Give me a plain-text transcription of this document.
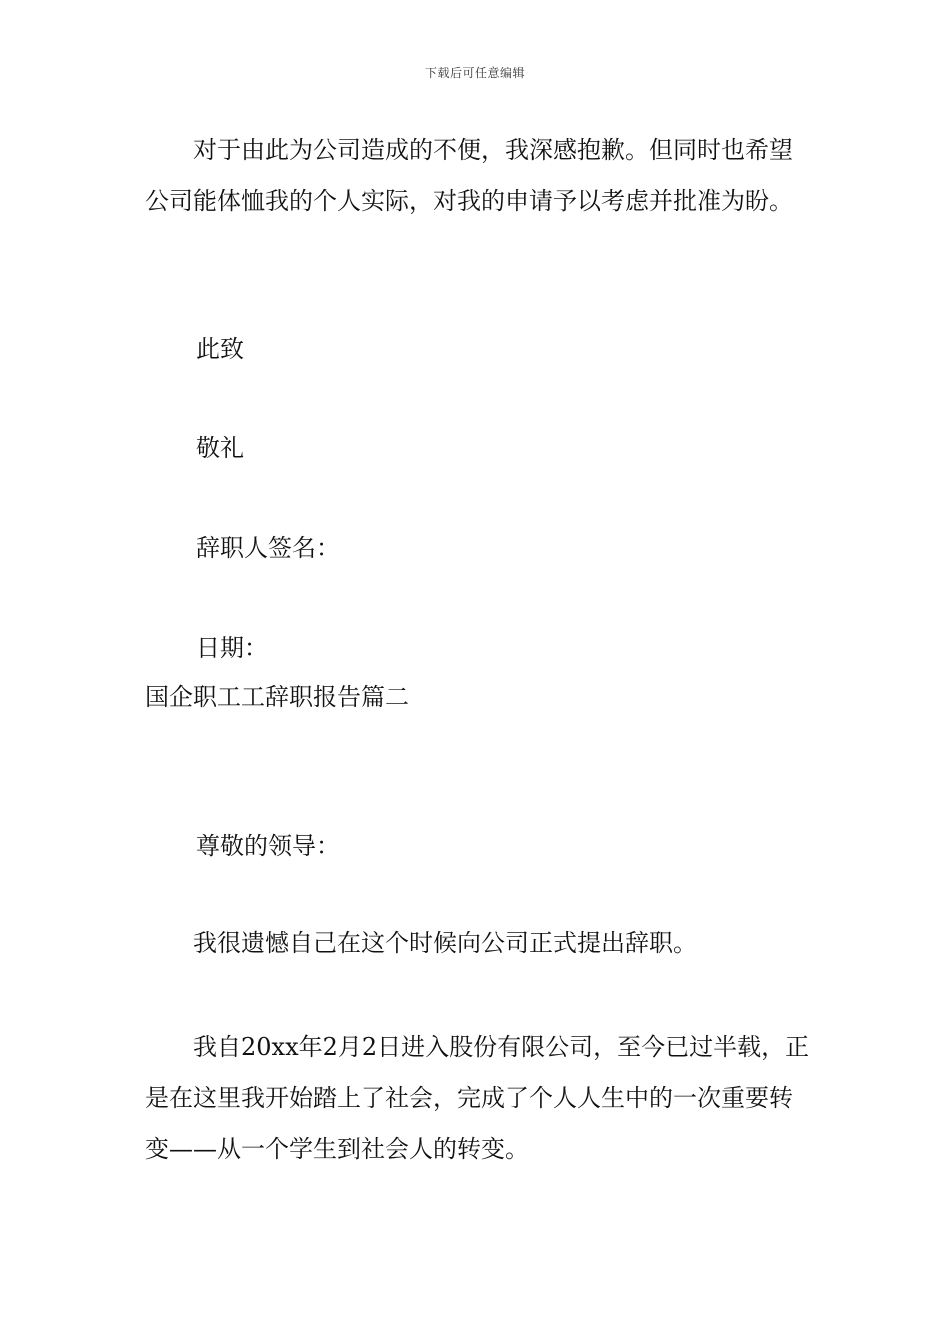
下载后可任意编辑

对于由此为公司造成的不便，我深感抱歉。但同时也希望公司能体恤我的个人实际，对我的申请予以考虑并批准为盼。

此致
敬礼
辞职人签名：
日期：
国企职工工辞职报告篇二
尊敬的领导：

我很遗憾自己在这个时候向公司正式提出辞职。

我自20xx年2月2日进入股份有限公司，至今已过半载，正是在这里我开始踏上了社会，完成了个人人生中的一次重要转变——从一个学生到社会人的转变。
